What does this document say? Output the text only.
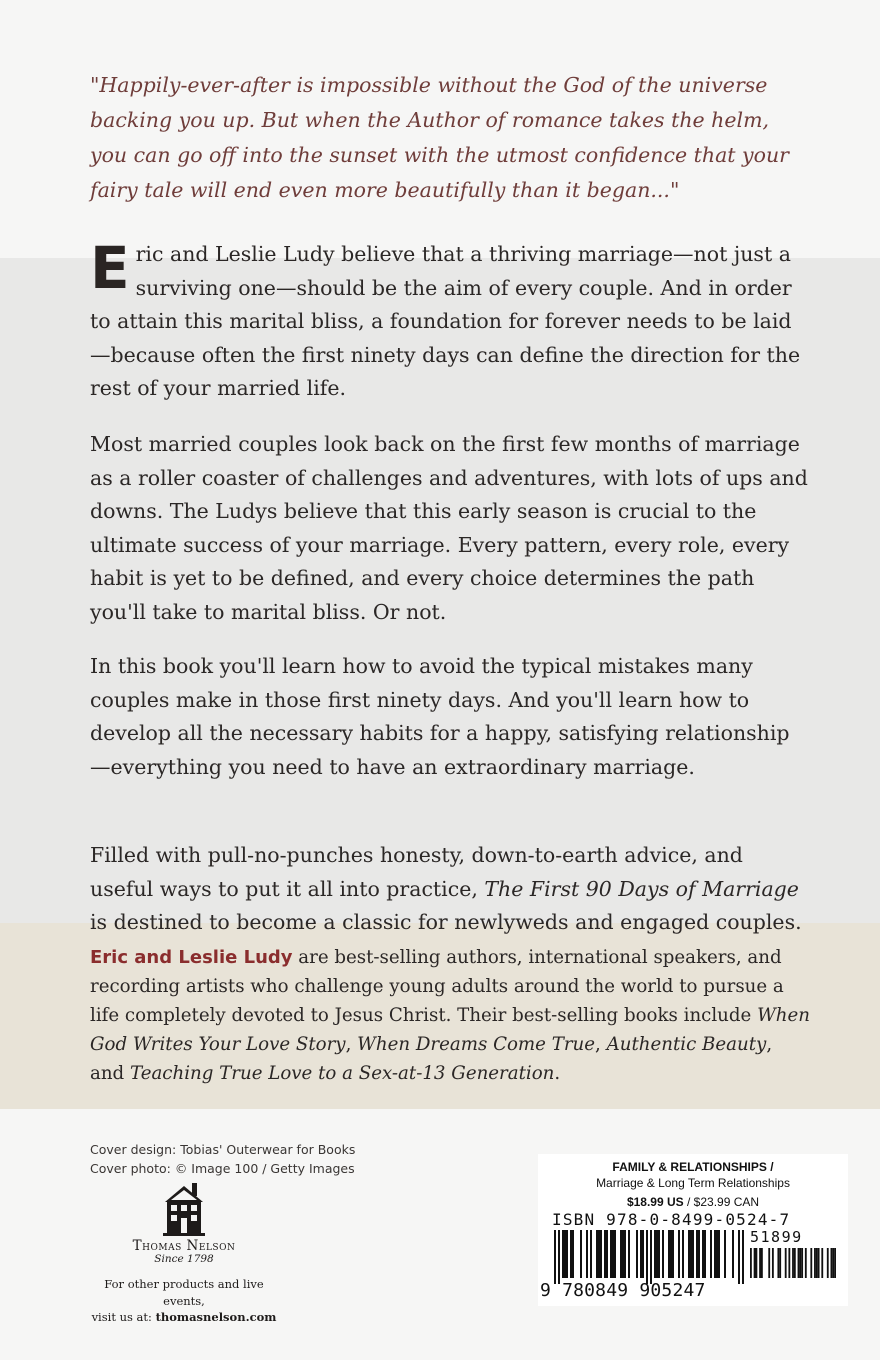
"Happily-ever-after is impossible without the God of the universe backing you up. But when the Author of romance takes the helm, you can go off into the sunset with the utmost confidence that your fairy tale will end even more beautifully than it began..."

Eric and Leslie Ludy believe that a thriving marriage—not just a surviving one—should be the aim of every couple. And in order to attain this marital bliss, a foundation for forever needs to be laid—because often the first ninety days can define the direction for the rest of your married life.

Most married couples look back on the first few months of marriage as a roller coaster of challenges and adventures, with lots of ups and downs. The Ludys believe that this early season is crucial to the ultimate success of your marriage. Every pattern, every role, every habit is yet to be defined, and every choice determines the path you'll take to marital bliss. Or not.

In this book you'll learn how to avoid the typical mistakes many couples make in those first ninety days. And you'll learn how to develop all the necessary habits for a happy, satisfying relationship—everything you need to have an extraordinary marriage.

Filled with pull-no-punches honesty, down-to-earth advice, and useful ways to put it all into practice, The First 90 Days of Marriage is destined to become a classic for newlyweds and engaged couples.

Eric and Leslie Ludy are best-selling authors, international speakers, and recording artists who challenge young adults around the world to pursue a life completely devoted to Jesus Christ. Their best-selling books include When God Writes Your Love Story, When Dreams Come True, Authentic Beauty, and Teaching True Love to a Sex-at-13 Generation.

Cover design: Tobias' Outerwear for Books
Cover photo: © Image 100 / Getty Images
Thomas Nelson
Since 1798
For other products and live events,
visit us at: thomasnelson.com
FAMILY & RELATIONSHIPS /
Marriage & Long Term Relationships
$18.99 US / $23.99 CAN
ISBN 978-0-8499-0524-7
51899
9 780849 905247
